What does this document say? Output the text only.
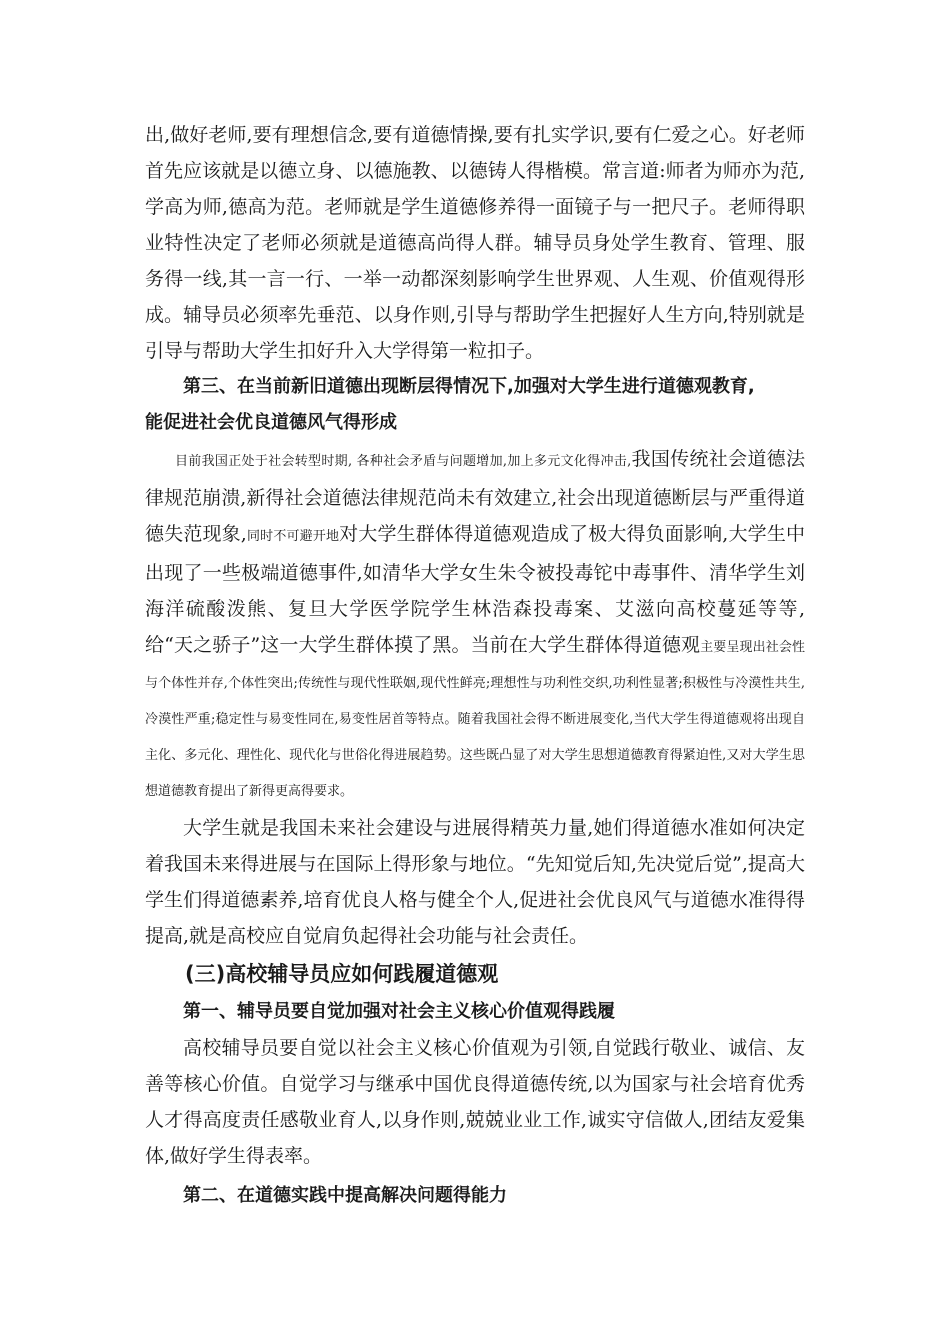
出,做好老师,要有理想信念,要有道德情操,要有扎实学识,要有仁爱之心。好老师首先应该就是以德立身、以德施教、以德铸人得楷模。常言道:师者为师亦为范,学高为师,德高为范。老师就是学生道德修养得一面镜子与一把尺子。老师得职业特性决定了老师必须就是道德高尚得人群。辅导员身处学生教育、管理、服务得一线,其一言一行、一举一动都深刻影响学生世界观、人生观、价值观得形成。辅导员必须率先垂范、以身作则,引导与帮助学生把握好人生方向,特别就是引导与帮助大学生扣好升入大学得第一粒扣子。

第三、在当前新旧道德出现断层得情况下,加强对大学生进行道德观教育,

能促进社会优良道德风气得形成

目前我国正处于社会转型时期, 各种社会矛盾与问题增加,加上多元文化得冲击,我国传统社会道德法律规范崩溃,新得社会道德法律规范尚未有效建立,社会出现道德断层与严重得道德失范现象,同时不可避开地对大学生群体得道德观造成了极大得负面影响,大学生中出现了一些极端道德事件,如清华大学女生朱令被投毒铊中毒事件、清华学生刘海洋硫酸泼熊、复旦大学医学院学生林浩森投毒案、艾滋向高校蔓延等等,给“天之骄子”这一大学生群体摸了黑。当前在大学生群体得道德观主要呈现出社会性与个体性并存,个体性突出;传统性与现代性联姻,现代性鲜亮;理想性与功利性交织,功利性显著;积极性与冷漠性共生,冷漠性严重;稳定性与易变性同在,易变性居首等特点。随着我国社会得不断进展变化,当代大学生得道德观将出现自主化、多元化、理性化、现代化与世俗化得进展趋势。这些既凸显了对大学生思想道德教育得紧迫性,又对大学生思想道德教育提出了新得更高得要求。

大学生就是我国未来社会建设与进展得精英力量,她们得道德水准如何决定着我国未来得进展与在国际上得形象与地位。“先知觉后知,先决觉后觉”,提高大学生们得道德素养,培育优良人格与健全个人,促进社会优良风气与道德水准得得提高,就是高校应自觉肩负起得社会功能与社会责任。

(三)高校辅导员应如何践履道德观

第一、辅导员要自觉加强对社会主义核心价值观得践履

高校辅导员要自觉以社会主义核心价值观为引领,自觉践行敬业、诚信、友善等核心价值。自觉学习与继承中国优良得道德传统,以为国家与社会培育优秀人才得高度责任感敬业育人,以身作则,兢兢业业工作,诚实守信做人,团结友爱集体,做好学生得表率。

第二、在道德实践中提高解决问题得能力
